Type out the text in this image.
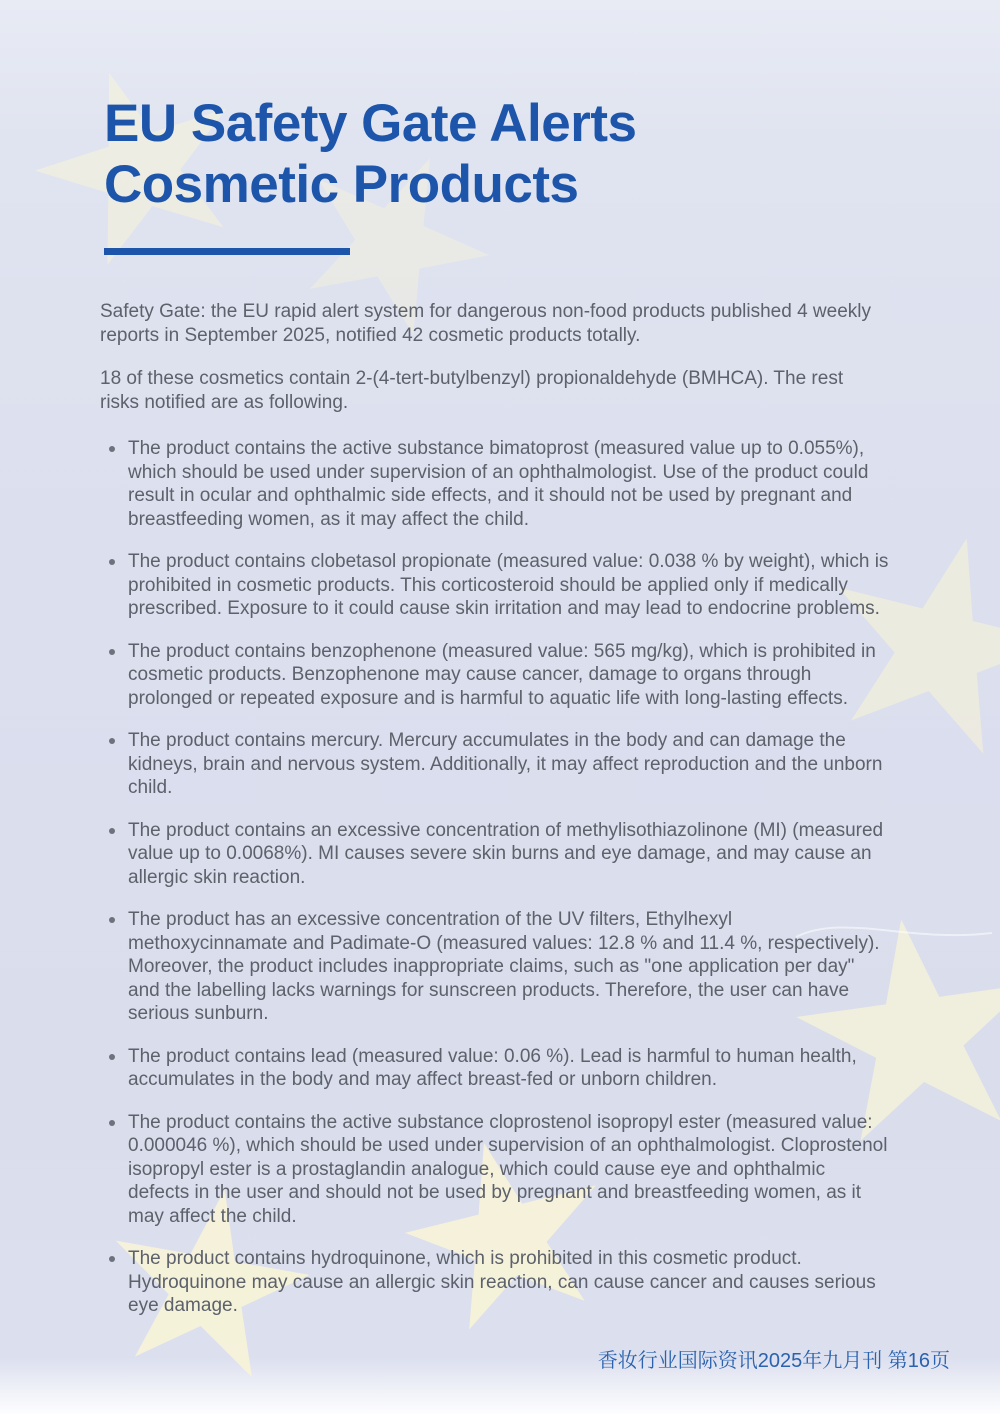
EU Safety Gate Alerts
Cosmetic Products

Safety Gate: the EU rapid alert system for dangerous non-food products published 4 weekly reports in September 2025, notified 42 cosmetic products totally.

18 of these cosmetics contain 2-(4-tert-butylbenzyl) propionaldehyde (BMHCA). The rest risks notified are as following.

The product contains the active substance bimatoprost (measured value up to 0.055%), which should be used under supervision of an ophthalmologist. Use of the product could result in ocular and ophthalmic side effects, and it should not be used by pregnant and breastfeeding women, as it may affect the child.
The product contains clobetasol propionate (measured value: 0.038 % by weight), which is prohibited in cosmetic products. This corticosteroid should be applied only if medically prescribed. Exposure to it could cause skin irritation and may lead to endocrine problems.
The product contains benzophenone (measured value: 565 mg/kg), which is prohibited in cosmetic products. Benzophenone may cause cancer, damage to organs through prolonged or repeated exposure and is harmful to aquatic life with long-lasting effects.
The product contains mercury. Mercury accumulates in the body and can damage the kidneys, brain and nervous system. Additionally, it may affect reproduction and the unborn child.
The product contains an excessive concentration of methylisothiazolinone (MI) (measured value up to 0.0068%). MI causes severe skin burns and eye damage, and may cause an allergic skin reaction.
The product has an excessive concentration of the UV filters, Ethylhexyl methoxycinnamate and Padimate-O (measured values: 12.8 % and 11.4 %, respectively). Moreover, the product includes inappropriate claims, such as "one application per day" and the labelling lacks warnings for sunscreen products. Therefore, the user can have serious sunburn.
The product contains lead (measured value: 0.06 %). Lead is harmful to human health, accumulates in the body and may affect breast-fed or unborn children.
The product contains the active substance cloprostenol isopropyl ester (measured value: 0.000046 %), which should be used under supervision of an ophthalmologist. Cloprostenol isopropyl ester is a prostaglandin analogue, which could cause eye and ophthalmic defects in the user and should not be used by pregnant and breastfeeding women, as it may affect the child.
The product contains hydroquinone, which is prohibited in this cosmetic product. Hydroquinone may cause an allergic skin reaction, can cause cancer and causes serious eye damage.
香妆行业国际资讯2025年九月刊 第16页
